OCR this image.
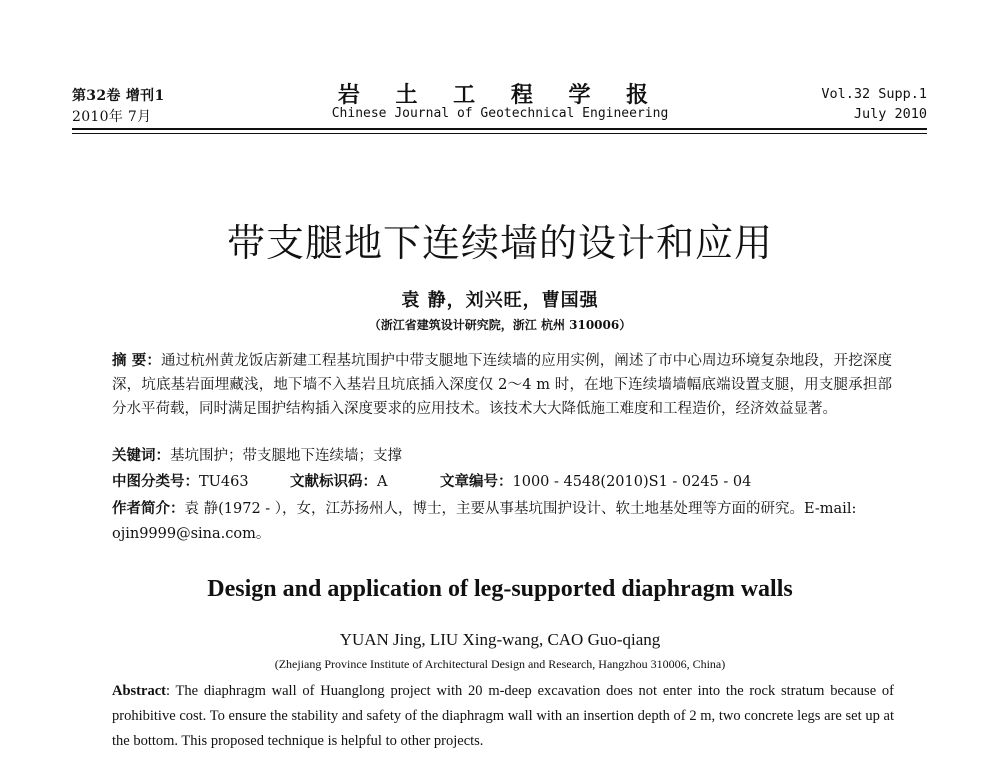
第32卷 增刊1
2010年 7月
岩 土 工 程 学 报
Chinese Journal of Geotechnical Engineering
Vol.32 Supp.1
July 2010
带支腿地下连续墙的设计和应用
袁 静，刘兴旺，曹国强
（浙江省建筑设计研究院，浙江 杭州 310006）

摘 要：通过杭州黄龙饭店新建工程基坑围护中带支腿地下连续墙的应用实例，阐述了市中心周边环境复杂地段，开挖深度深，坑底基岩面埋藏浅，地下墙不入基岩且坑底插入深度仅 2～4 m 时，在地下连续墙墙幅底端设置支腿，用支腿承担部分水平荷载，同时满足围护结构插入深度要求的应用技术。该技术大大降低施工难度和工程造价，经济效益显著。

关键词：基坑围护；带支腿地下连续墙；支撑
中图分类号：TU463	文献标识码：A	文章编号：1000 - 4548(2010)S1 - 0245 - 04
作者简介：袁 静(1972 - ），女，江苏扬州人，博士，主要从事基坑围护设计、软土地基处理等方面的研究。E-mail:
ojin9999@sina.com。
Design and application of leg-supported diaphragm walls
YUAN Jing, LIU Xing-wang, CAO Guo-qiang
(Zhejiang Province Institute of Architectural Design and Research, Hangzhou 310006, China)

Abstract: The diaphragm wall of Huanglong project with 20 m-deep excavation does not enter into the rock stratum because of prohibitive cost. To ensure the stability and safety of the diaphragm wall with an insertion depth of 2 m, two concrete legs are set up at the bottom. This proposed technique is helpful to other projects.
